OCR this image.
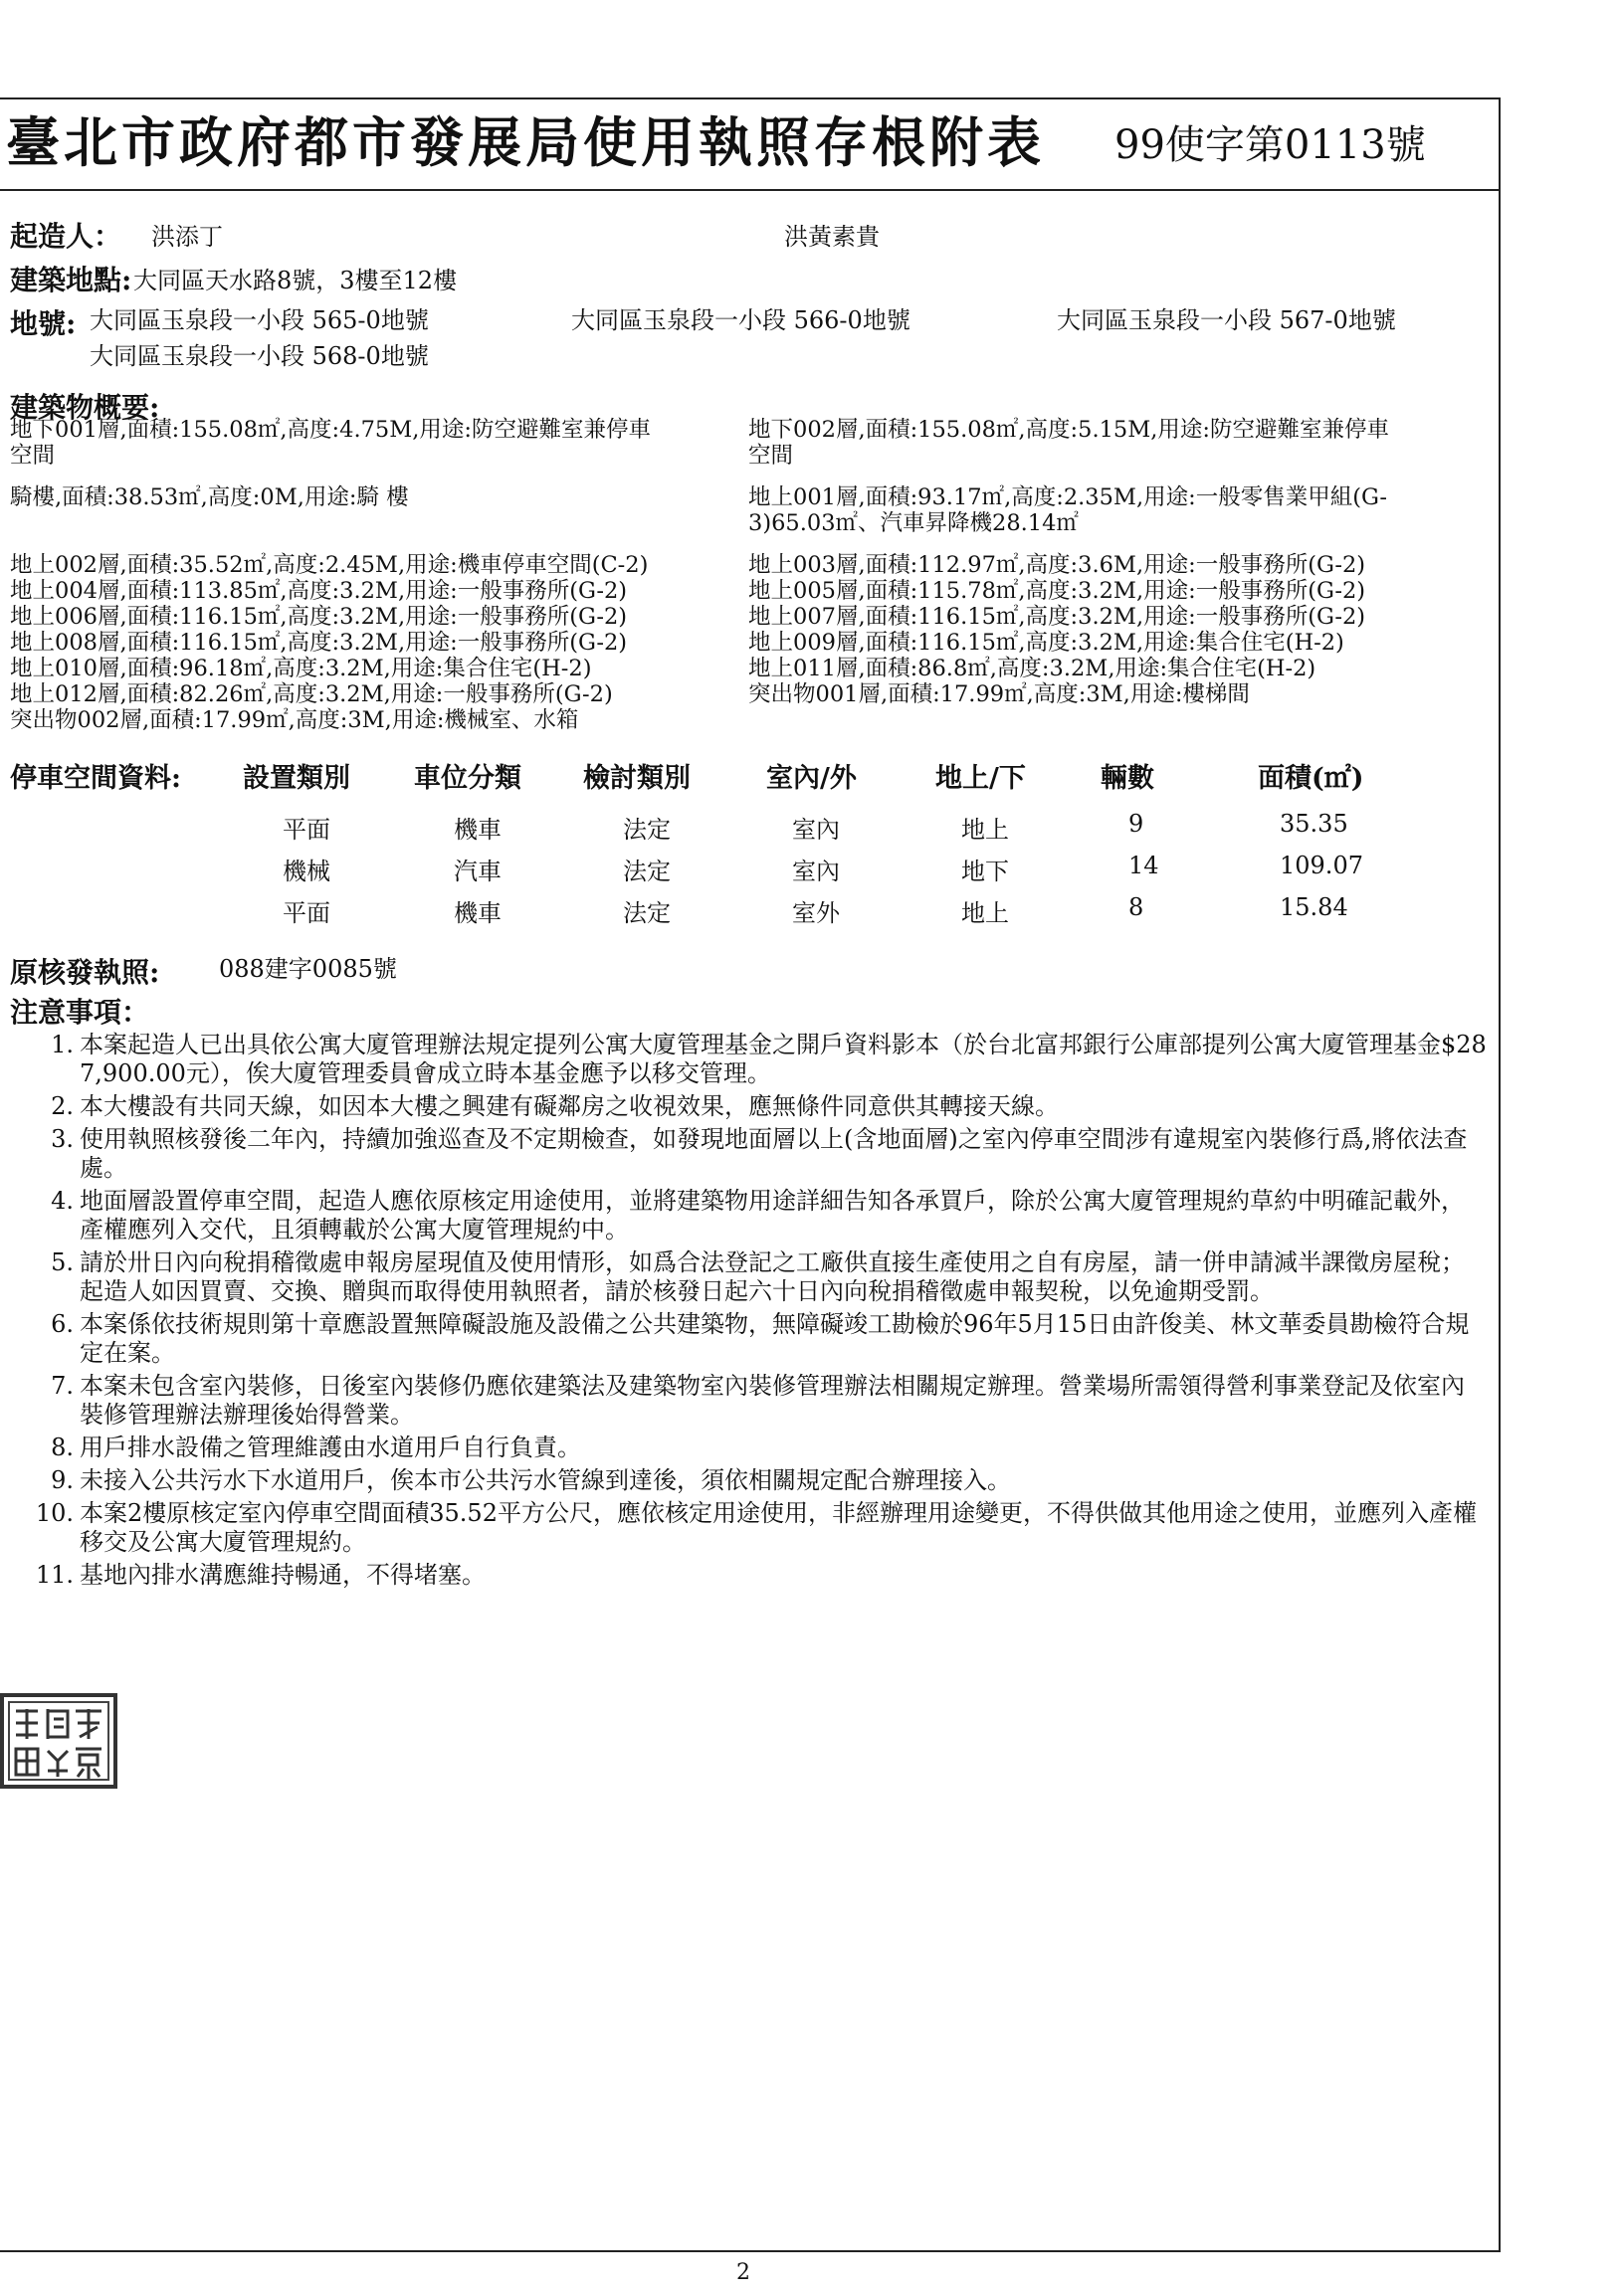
臺北市政府都市發展局使用執照存根附表 99使字第0113號
起造人： 洪添丁	洪黃素貴
建築地點: 大同區天水路8號，3樓至12樓
地號: 大同區玉泉段一小段 565-0地號	大同區玉泉段一小段 566-0地號	大同區玉泉段一小段 567-0地號
大同區玉泉段一小段 568-0地號
建築物概要:
地下001層,面積:155.08㎡,高度:4.75M,用途:防空避難室兼停車
空間
地下002層,面積:155.08㎡,高度:5.15M,用途:防空避難室兼停車
空間
騎樓,面積:38.53㎡,高度:0M,用途:騎 樓	地上001層,面積:93.17㎡,高度:2.35M,用途:一般零售業甲組(G-
3)65.03㎡、汽車昇降機28.14㎡
地上002層,面積:35.52㎡,高度:2.45M,用途:機車停車空間(C-2)
地上004層,面積:113.85㎡,高度:3.2M,用途:一般事務所(G-2)
地上006層,面積:116.15㎡,高度:3.2M,用途:一般事務所(G-2)
地上008層,面積:116.15㎡,高度:3.2M,用途:一般事務所(G-2)
地上010層,面積:96.18㎡,高度:3.2M,用途:集合住宅(H-2)
地上012層,面積:82.26㎡,高度:3.2M,用途:一般事務所(G-2)
突出物002層,面積:17.99㎡,高度:3M,用途:機械室、水箱
地上003層,面積:112.97㎡,高度:3.6M,用途:一般事務所(G-2)
地上005層,面積:115.78㎡,高度:3.2M,用途:一般事務所(G-2)
地上007層,面積:116.15㎡,高度:3.2M,用途:一般事務所(G-2)
地上009層,面積:116.15㎡,高度:3.2M,用途:集合住宅(H-2)
地上011層,面積:86.8㎡,高度:3.2M,用途:集合住宅(H-2)
突出物001層,面積:17.99㎡,高度:3M,用途:樓梯間
停車空間資料: 設置類別 車位分類 檢討類別	室內/外	地上/下	輛數	面積(㎡)
平面	機車	法定	室內	地上	9	35.35
機械	汽車	法定	室內	地下	14	109.07
平面	機車	法定	室外	地上	8	15.84
原核發執照: 088建字0085號
注意事項：
1. 本案起造人已出具依公寓大廈管理辦法規定提列公寓大廈管理基金之開戶資料影本（於台北富邦銀行公庫部提列公寓大廈管理基金$287,900.00元），俟大廈管理委員會成立時本基金應予以移交管理。
2. 本大樓設有共同天線，如因本大樓之興建有礙鄰房之收視效果，應無條件同意供其轉接天線。
3. 使用執照核發後二年內，持續加強巡查及不定期檢查，如發現地面層以上(含地面層)之室內停車空間涉有違規室內裝修行爲,將依法查處。
4. 地面層設置停車空間，起造人應依原核定用途使用，並將建築物用途詳細告知各承買戶，除於公寓大廈管理規約草約中明確記載外，產權應列入交代，且須轉載於公寓大廈管理規約中。
5. 請於卅日內向稅捐稽徵處申報房屋現值及使用情形，如爲合法登記之工廠供直接生產使用之自有房屋，請一併申請減半課徵房屋稅；起造人如因買賣、交換、贈與而取得使用執照者，請於核發日起六十日內向稅捐稽徵處申報契稅，以免逾期受罰。
6. 本案係依技術規則第十章應設置無障礙設施及設備之公共建築物，無障礙竣工勘檢於96年5月15日由許俊美、林文華委員勘檢符合規定在案。
7. 本案未包含室內裝修，日後室內裝修仍應依建築法及建築物室內裝修管理辦法相關規定辦理。營業場所需領得營利事業登記及依室內裝修管理辦法辦理後始得營業。
8. 用戶排水設備之管理維護由水道用戶自行負責。
9. 未接入公共污水下水道用戶，俟本市公共污水管線到達後，須依相關規定配合辦理接入。
10. 本案2樓原核定室內停車空間面積35.52平方公尺，應依核定用途使用，非經辦理用途變更，不得供做其他用途之使用，並應列入產權移交及公寓大廈管理規約。
11. 基地內排水溝應維持暢通，不得堵塞。
2
